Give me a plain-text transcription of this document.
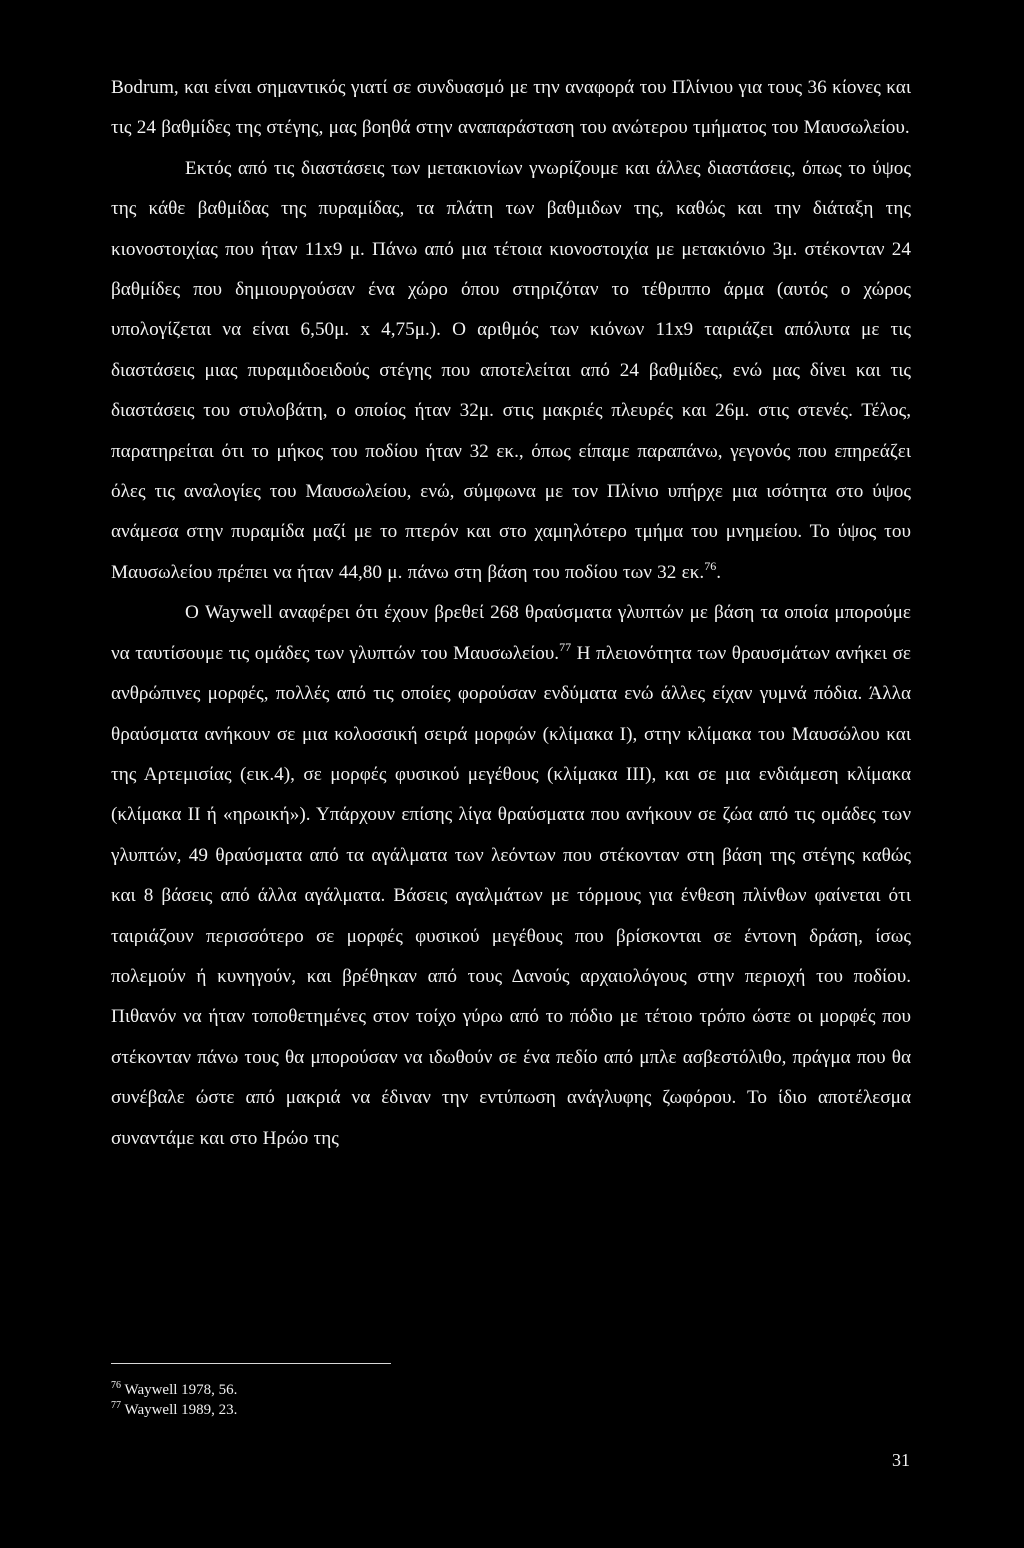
Bodrum, και είναι σημαντικός γιατί σε συνδυασμό με την αναφορά του Πλίνιου για τους 36 κίονες και τις 24 βαθμίδες της στέγης, μας βοηθά στην αναπαράσταση του ανώτερου τμήματος του Μαυσωλείου.

Εκτός από τις διαστάσεις των μετακιονίων γνωρίζουμε και άλλες διαστάσεις, όπως το ύψος της κάθε βαθμίδας της πυραμίδας, τα πλάτη των βαθμιδων της, καθώς και την διάταξη της κιονοστοιχίας που ήταν 11x9 μ. Πάνω από μια τέτοια κιονοστοιχία με μετακιόνιο 3μ. στέκονταν 24 βαθμίδες που δημιουργούσαν ένα χώρο όπου στηριζόταν το τέθριππο άρμα (αυτός ο χώρος υπολογίζεται να είναι 6,50μ. x 4,75μ.). Ο αριθμός των κιόνων 11x9 ταιριάζει απόλυτα με τις διαστάσεις μιας πυραμιδοειδούς στέγης που αποτελείται από 24 βαθμίδες, ενώ μας δίνει και τις διαστάσεις του στυλοβάτη, ο οποίος ήταν 32μ. στις μακριές πλευρές και 26μ. στις στενές. Τέλος, παρατηρείται ότι το μήκος του ποδίου ήταν 32 εκ., όπως είπαμε παραπάνω, γεγονός που επηρεάζει όλες τις αναλογίες του Μαυσωλείου, ενώ, σύμφωνα με τον Πλίνιο υπήρχε μια ισότητα στο ύψος ανάμεσα στην πυραμίδα μαζί με το πτερόν και στο χαμηλότερο τμήμα του μνημείου. Το ύψος του Μαυσωλείου πρέπει να ήταν 44,80 μ. πάνω στη βάση του ποδίου των 32 εκ.$^{76}$.

Ο Waywell αναφέρει ότι έχουν βρεθεί 268 θραύσματα γλυπτών με βάση τα οποία μπορούμε να ταυτίσουμε τις ομάδες των γλυπτών του Μαυσωλείου.$^{77}$ Η πλειονότητα των θραυσμάτων ανήκει σε ανθρώπινες μορφές, πολλές από τις οποίες φορούσαν ενδύματα ενώ άλλες είχαν γυμνά πόδια. Άλλα θραύσματα ανήκουν σε μια κολοσσική σειρά μορφών (κλίμακα I), στην κλίμακα του Μαυσώλου και της Αρτεμισίας (εικ.4), σε μορφές φυσικού μεγέθους (κλίμακα III), και σε μια ενδιάμεση κλίμακα (κλίμακα II ή «ηρωική»). Υπάρχουν επίσης λίγα θραύσματα που ανήκουν σε ζώα από τις ομάδες των γλυπτών, 49 θραύσματα από τα αγάλματα των λεόντων που στέκονταν στη βάση της στέγης καθώς και 8 βάσεις από άλλα αγάλματα. Βάσεις αγαλμάτων με τόρμους για ένθεση πλίνθων φαίνεται ότι ταιριάζουν περισσότερο σε μορφές φυσικού μεγέθους που βρίσκονται σε έντονη δράση, ίσως πολεμούν ή κυνηγούν, και βρέθηκαν από τους Δανούς αρχαιολόγους στην περιοχή του ποδίου. Πιθανόν να ήταν τοποθετημένες στον τοίχο γύρω από το πόδιο με τέτοιο τρόπο ώστε οι μορφές που στέκονταν πάνω τους θα μπορούσαν να ιδωθούν σε ένα πεδίο από μπλε ασβεστόλιθο, πράγμα που θα συνέβαλε ώστε από μακριά να έδιναν την εντύπωση ανάγλυφης ζωφόρου. Το ίδιο αποτέλεσμα συναντάμε και στο Ηρώο της

$^{76}$ Waywell 1978, 56.

$^{77}$ Waywell 1989, 23.

31
